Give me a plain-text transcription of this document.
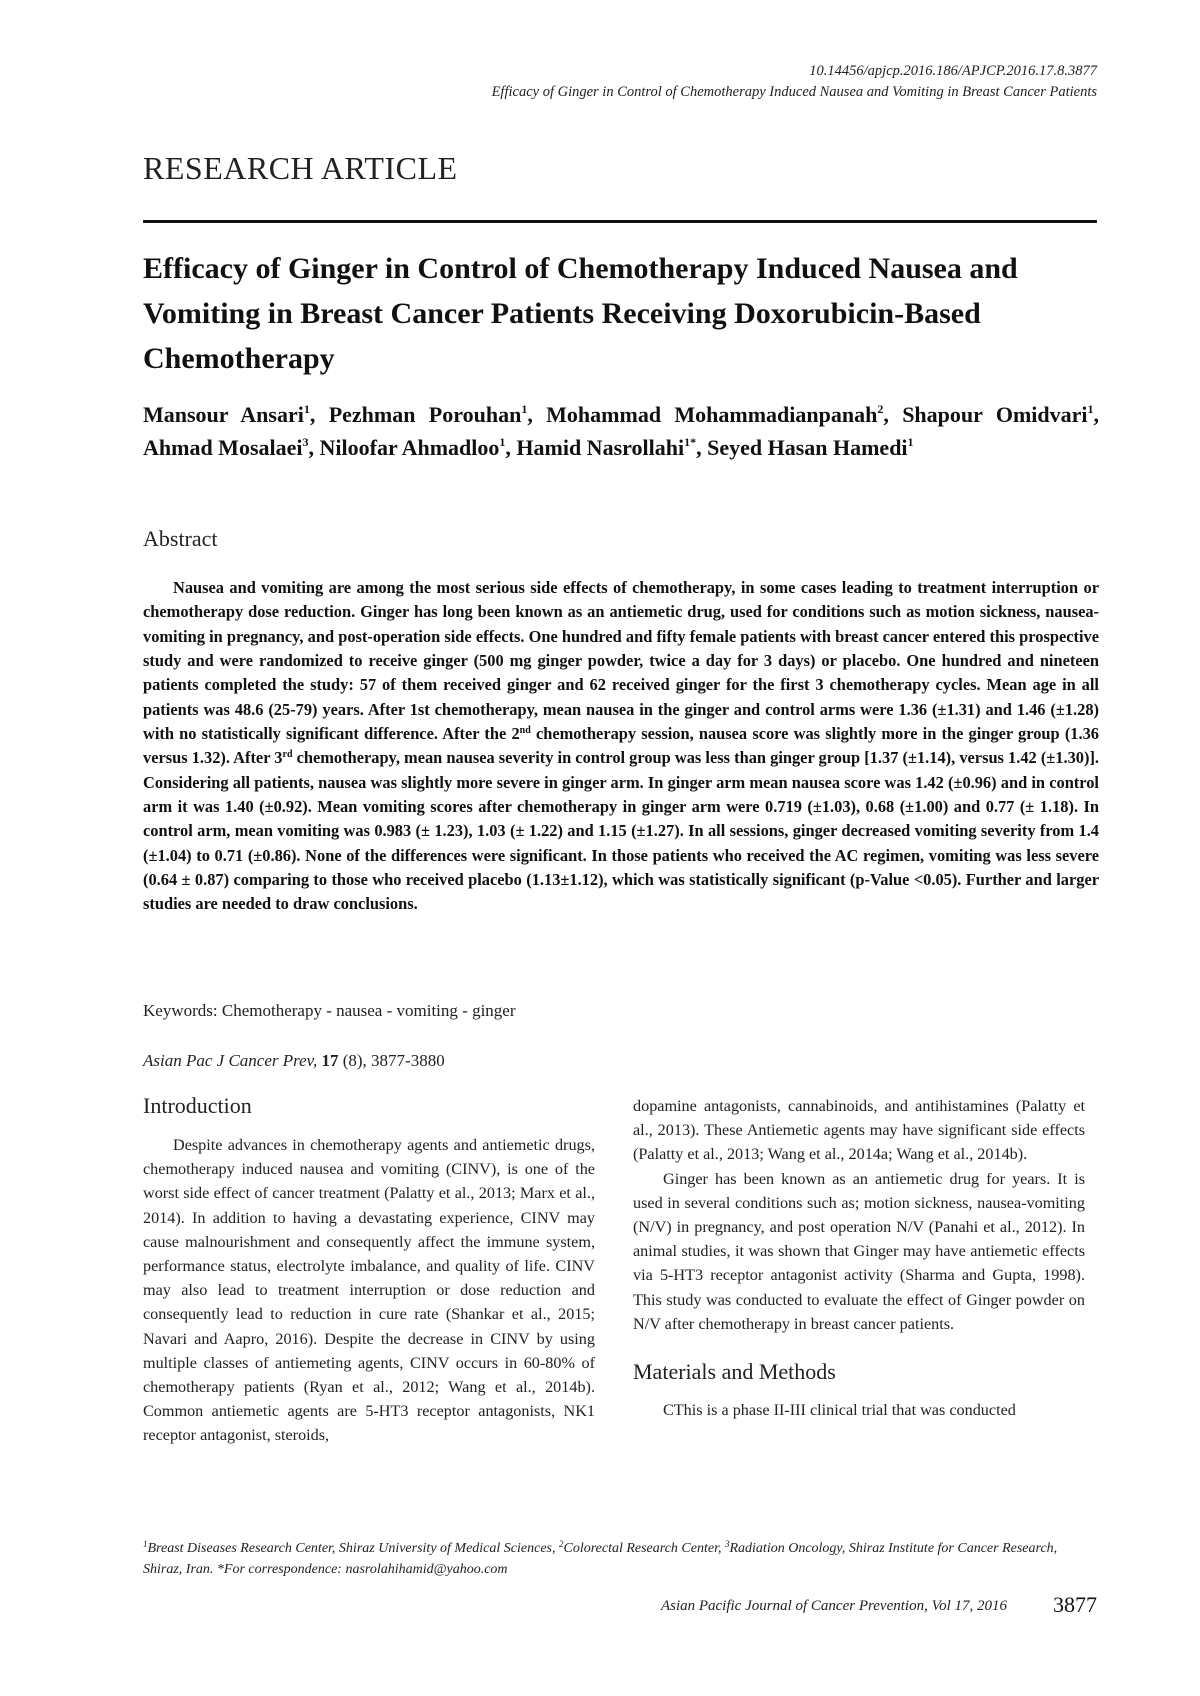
10.14456/apjcp.2016.186/APJCP.2016.17.8.3877
Efficacy of Ginger in Control of Chemotherapy Induced Nausea and Vomiting in Breast Cancer Patients
RESEARCH ARTICLE
Efficacy of Ginger in Control of Chemotherapy Induced Nausea and Vomiting in Breast Cancer Patients Receiving Doxorubicin-Based Chemotherapy
Mansour Ansari$^1$, Pezhman Porouhan$^1$, Mohammad Mohammadianpanah$^2$, Shapour Omidvari$^1$, Ahmad Mosalaei$^3$, Niloofar Ahmadloo$^1$, Hamid Nasrollahi$^{1*}$, Seyed Hasan Hamedi$^1$
Abstract
Nausea and vomiting are among the most serious side effects of chemotherapy, in some cases leading to treatment interruption or chemotherapy dose reduction. Ginger has long been known as an antiemetic drug, used for conditions such as motion sickness, nausea-vomiting in pregnancy, and post-operation side effects. One hundred and fifty female patients with breast cancer entered this prospective study and were randomized to receive ginger (500 mg ginger powder, twice a day for 3 days) or placebo. One hundred and nineteen patients completed the study: 57 of them received ginger and 62 received ginger for the first 3 chemotherapy cycles. Mean age in all patients was 48.6 (25-79) years. After 1st chemotherapy, mean nausea in the ginger and control arms were 1.36 (±1.31) and 1.46 (±1.28) with no statistically significant difference. After the 2nd chemotherapy session, nausea score was slightly more in the ginger group (1.36 versus 1.32). After 3rd chemotherapy, mean nausea severity in control group was less than ginger group [1.37 (±1.14), versus 1.42 (±1.30)]. Considering all patients, nausea was slightly more severe in ginger arm. In ginger arm mean nausea score was 1.42 (±0.96) and in control arm it was 1.40 (±0.92). Mean vomiting scores after chemotherapy in ginger arm were 0.719 (±1.03), 0.68 (±1.00) and 0.77 (± 1.18). In control arm, mean vomiting was 0.983 (± 1.23), 1.03 (± 1.22) and 1.15 (±1.27). In all sessions, ginger decreased vomiting severity from 1.4 (±1.04) to 0.71 (±0.86). None of the differences were significant. In those patients who received the AC regimen, vomiting was less severe (0.64 ± 0.87) comparing to those who received placebo (1.13±1.12), which was statistically significant (p-Value <0.05). Further and larger studies are needed to draw conclusions.
Keywords: Chemotherapy - nausea - vomiting - ginger
Asian Pac J Cancer Prev, 17 (8), 3877-3880
Introduction

Despite advances in chemotherapy agents and antiemetic drugs, chemotherapy induced nausea and vomiting (CINV), is one of the worst side effect of cancer treatment (Palatty et al., 2013; Marx et al., 2014). In addition to having a devastating experience, CINV may cause malnourishment and consequently affect the immune system, performance status, electrolyte imbalance, and quality of life. CINV may also lead to treatment interruption or dose reduction and consequently lead to reduction in cure rate (Shankar et al., 2015; Navari and Aapro, 2016). Despite the decrease in CINV by using multiple classes of antiemeting agents, CINV occurs in 60-80% of chemotherapy patients (Ryan et al., 2012; Wang et al., 2014b). Common antiemetic agents are 5-HT3 receptor antagonists, NK1 receptor antagonist, steroids,

dopamine antagonists, cannabinoids, and antihistamines (Palatty et al., 2013). These Antiemetic agents may have significant side effects (Palatty et al., 2013; Wang et al., 2014a; Wang et al., 2014b).

Ginger has been known as an antiemetic drug for years. It is used in several conditions such as; motion sickness, nausea-vomiting (N/V) in pregnancy, and post operation N/V (Panahi et al., 2012). In animal studies, it was shown that Ginger may have antiemetic effects via 5-HT3 receptor antagonist activity (Sharma and Gupta, 1998). This study was conducted to evaluate the effect of Ginger powder on N/V after chemotherapy in breast cancer patients.

Materials and Methods

CThis is a phase II-III clinical trial that was conducted

$^1$Breast Diseases Research Center, Shiraz University of Medical Sciences, $^2$Colorectal Research Center, $^3$Radiation Oncology, Shiraz Institute for Cancer Research, Shiraz, Iran. *For correspondence: nasrolahihamid@yahoo.com
Asian Pacific Journal of Cancer Prevention, Vol 17, 2016 3877
